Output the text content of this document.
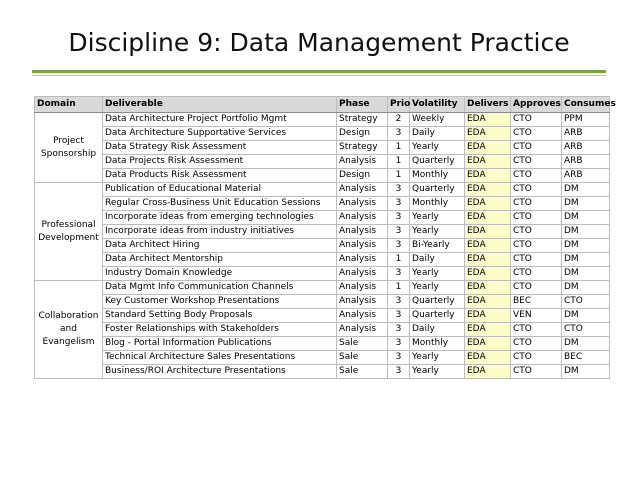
Discipline 9: Data Management Practice
Domain	Deliverable	Phase	Prio	Volatility	Delivers	Approves	Consumes

Project
Sponsorship	Data Architecture Project Portfolio Mgmt	Strategy	2	Weekly	EDA	CTO	PPM
	Data Architecture Supportative Services	Design	3	Daily	EDA	CTO	ARB
	Data Strategy Risk Assessment	Strategy	1	Yearly	EDA	CTO	ARB
	Data Projects Risk Assessment	Analysis	1	Quarterly	EDA	CTO	ARB
	Data Products Risk Assessment	Design	1	Monthly	EDA	CTO	ARB

Professional
Development	Publication of Educational Material	Analysis	3	Quarterly	EDA	CTO	DM
	Regular Cross-Business Unit Education Sessions	Analysis	3	Monthly	EDA	CTO	DM
	Incorporate ideas from emerging technologies	Analysis	3	Yearly	EDA	CTO	DM
	Incorporate ideas from industry initiatives	Analysis	3	Yearly	EDA	CTO	DM
	Data Architect Hiring	Analysis	3	Bi-Yearly	EDA	CTO	DM
	Data Architect Mentorship	Analysis	1	Daily	EDA	CTO	DM
	Industry Domain Knowledge	Analysis	3	Yearly	EDA	CTO	DM

Collaboration
and
Evangelism	Data Mgmt Info Communication Channels	Analysis	1	Yearly	EDA	CTO	DM
	Key Customer Workshop Presentations	Analysis	3	Quarterly	EDA	BEC	CTO
	Standard Setting Body Proposals	Analysis	3	Quarterly	EDA	VEN	DM
	Foster Relationships with Stakeholders	Analysis	3	Daily	EDA	CTO	CTO
	Blog - Portal Information Publications	Sale	3	Monthly	EDA	CTO	DM
	Technical Architecture Sales Presentations	Sale	3	Yearly	EDA	CTO	BEC
	Business/ROI Architecture Presentations	Sale	3	Yearly	EDA	CTO	DM
